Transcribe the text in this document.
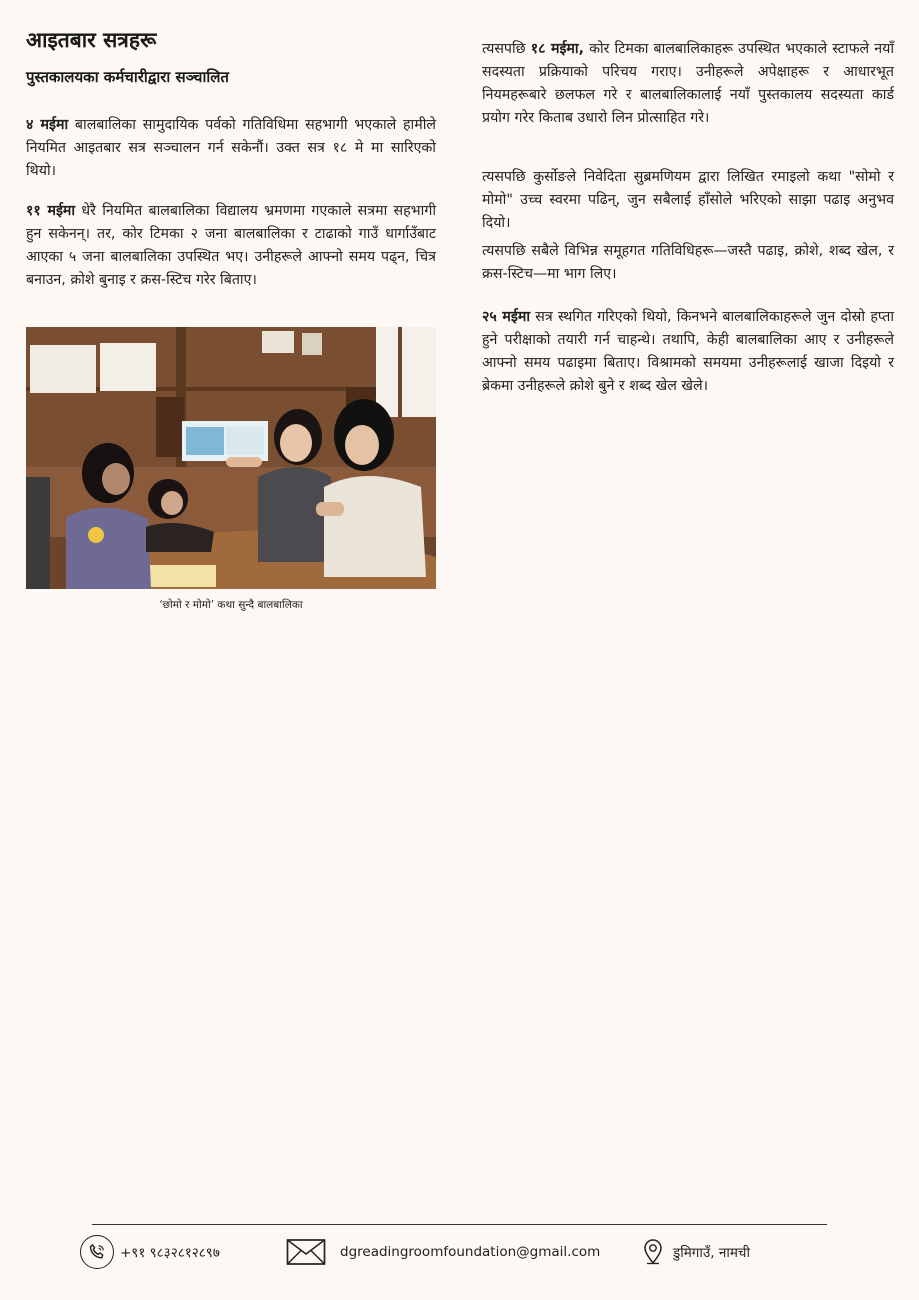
आइतबार सत्रहरू
पुस्तकालयका कर्मचारीद्वारा सञ्चालित

४ मईमा बालबालिका सामुदायिक पर्वको गतिविधिमा सहभागी भएकाले हामीले नियमित आइतबार सत्र सञ्चालन गर्न सकेनौं। उक्त सत्र १८ मे मा सारिएको थियो।

११ मईमा धेरै नियमित बालबालिका विद्यालय भ्रमणमा गएकाले सत्रमा सहभागी हुन सकेनन्। तर, कोर टिमका २ जना बालबालिका र टाढाको गाउँ धार्गाउँबाट आएका ५ जना बालबालिका उपस्थित भए। उनीहरूले आफ्नो समय पढ्न, चित्र बनाउन, क्रोशे बुनाइ र क्रस-स्टिच गरेर बिताए।

‘छोमो र मोमो’ कथा सुन्दै बालबालिका

त्यसपछि १८ मईमा, कोर टिमका बालबालिकाहरू उपस्थित भएकाले स्टाफले नयाँ सदस्यता प्रक्रियाको परिचय गराए। उनीहरूले अपेक्षाहरू र आधारभूत नियमहरूबारे छलफल गरे र बालबालिकालाई नयाँ पुस्तकालय सदस्यता कार्ड प्रयोग गरेर किताब उधारो लिन प्रोत्साहित गरे।

त्यसपछि कुर्सोङले निवेदिता सुब्रमणियम द्वारा लिखित रमाइलो कथा "सोमो र मोमो" उच्च स्वरमा पढिन्, जुन सबैलाई हाँसोले भरिएको साझा पढाइ अनुभव दियो।

त्यसपछि सबैले विभिन्न समूहगत गतिविधिहरू—जस्तै पढाइ, क्रोशे, शब्द खेल, र क्रस-स्टिच—मा भाग लिए।

२५ मईमा सत्र स्थगित गरिएको थियो, किनभने बालबालिकाहरूले जुन दोस्रो हप्ता हुने परीक्षाको तयारी गर्न चाहन्थे। तथापि, केही बालबालिका आए र उनीहरूले आफ्नो समय पढाइमा बिताए। विश्रामको समयमा उनीहरूलाई खाजा दिइयो र ब्रेकमा उनीहरूले क्रोशे बुने र शब्द खेल खेले।

+९१ ९८३२८१२८९७	dgreadingroomfoundation@gmail.com	डुमिगाउँ, नामची
